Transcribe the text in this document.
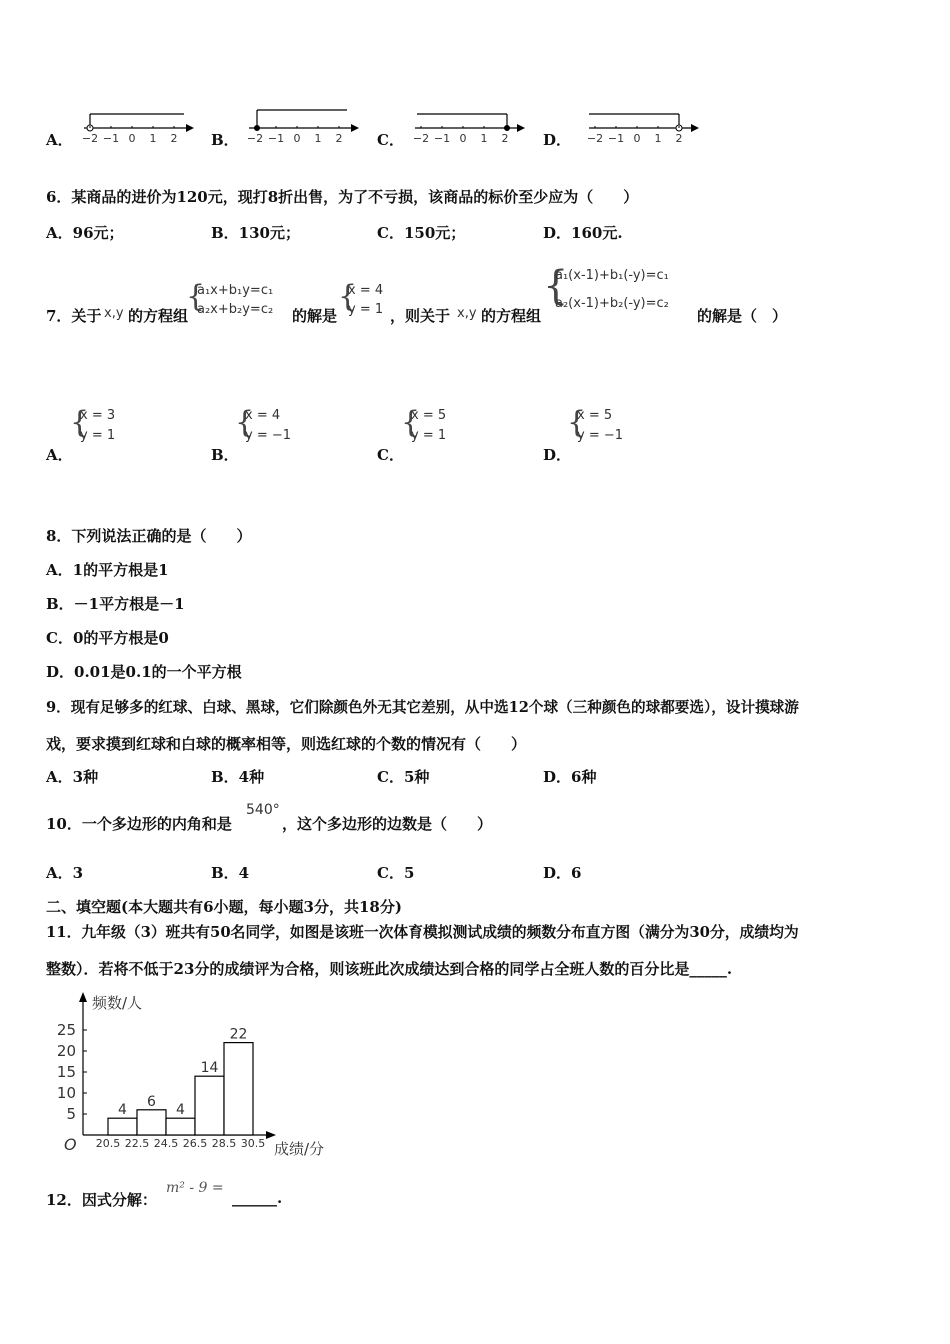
A． −2 −1 0 1 2 B． −2 −1 0 1 2 C． −2 −1 0 1 2 D． −2 −1 0 1 2
6．某商品的进价为120元，现打8折出售，为了不亏损，该商品的标价至少应为（　　）
A．96元；	B．130元；	C．150元；	D．160元.
7．关于 x,y 的方程组
{
a₁x+b₁y=c₁
a₂x+b₂y=c₂ 的解是
{
x = 4
y = 1 ，则关于 x,y 的方程组
{
a₁(x-1)+b₁(-y)=c₁
a₂(x-1)+b₂(-y)=c₂
的解是（　）
A．
{
x = 3
y = 1
B．
{
x = 4
y = −1
C．
{
x = 5
y = 1
D．
{
x = 5
y = −1
8．下列说法正确的是（　　）
A．1的平方根是1
B．－1平方根是－1
C．0的平方根是0
D．0.01是0.1的一个平方根
9．现有足够多的红球、白球、黑球，它们除颜色外无其它差别，从中选12个球（三种颜色的球都要选），设计摸球游
戏，要求摸到红球和白球的概率相等，则选红球的个数的情况有（　　）
A．3种	B．4种	C．5种	D．6种
10．一个多边形的内角和是
540°
，这个多边形的边数是（　　）
A．3	B．4	C．5	D．6
二、填空题(本大题共有6小题，每小题3分，共18分)
11．九年级（3）班共有50名同学，如图是该班一次体育模拟测试成绩的频数分布直方图（满分为30分，成绩均为
整数）．若将不低于23分的成绩评为合格，则该班此次成绩达到合格的同学占全班人数的百分比是_____.
频数/人
成绩/分
O
5
10
15
20
25
4
6
4
14
22
20.5 22.5 24.5 26.5 28.5 30.5
12．因式分解：
m² - 9 =
______.
